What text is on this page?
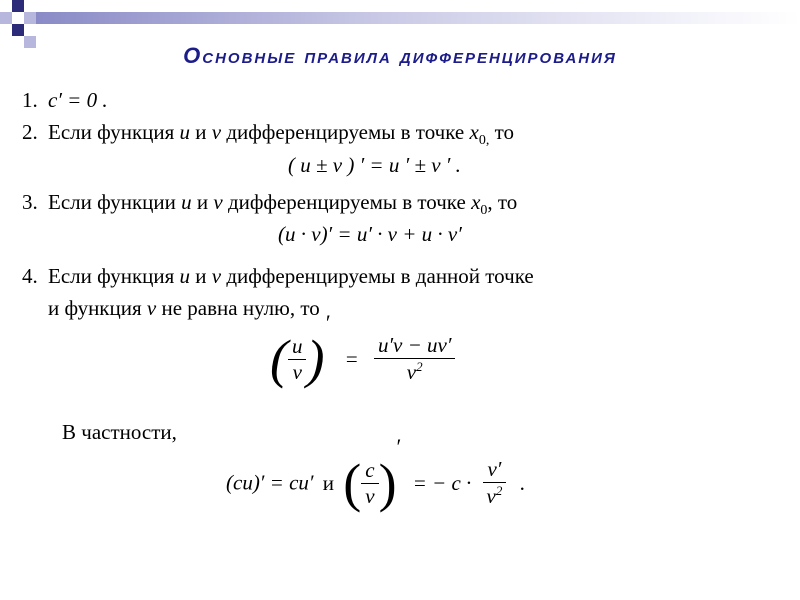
Основные правила дифференцирования
1. c′ = 0 .
2. Если функция u и v дифференцируемы в точке $x_{0,}$ то
( u ± v ) ′ = u ′ ± v ′ .
3. Если функции u и v дифференцируемы в точке $x_0$, то
(u · v)′ = u′ · v + u · v′
4. Если функция u и v дифференцируемы в данной точке
и функция v не равна нулю, то
( $\frac{u}{v}$ )′ = $\frac{u'v - uv'}{v^2}$
В частности,
(cu)′ = cu′ и ( $\frac{c}{v}$ )′ = − $c \cdot \frac{v'}{v^2}$ .
